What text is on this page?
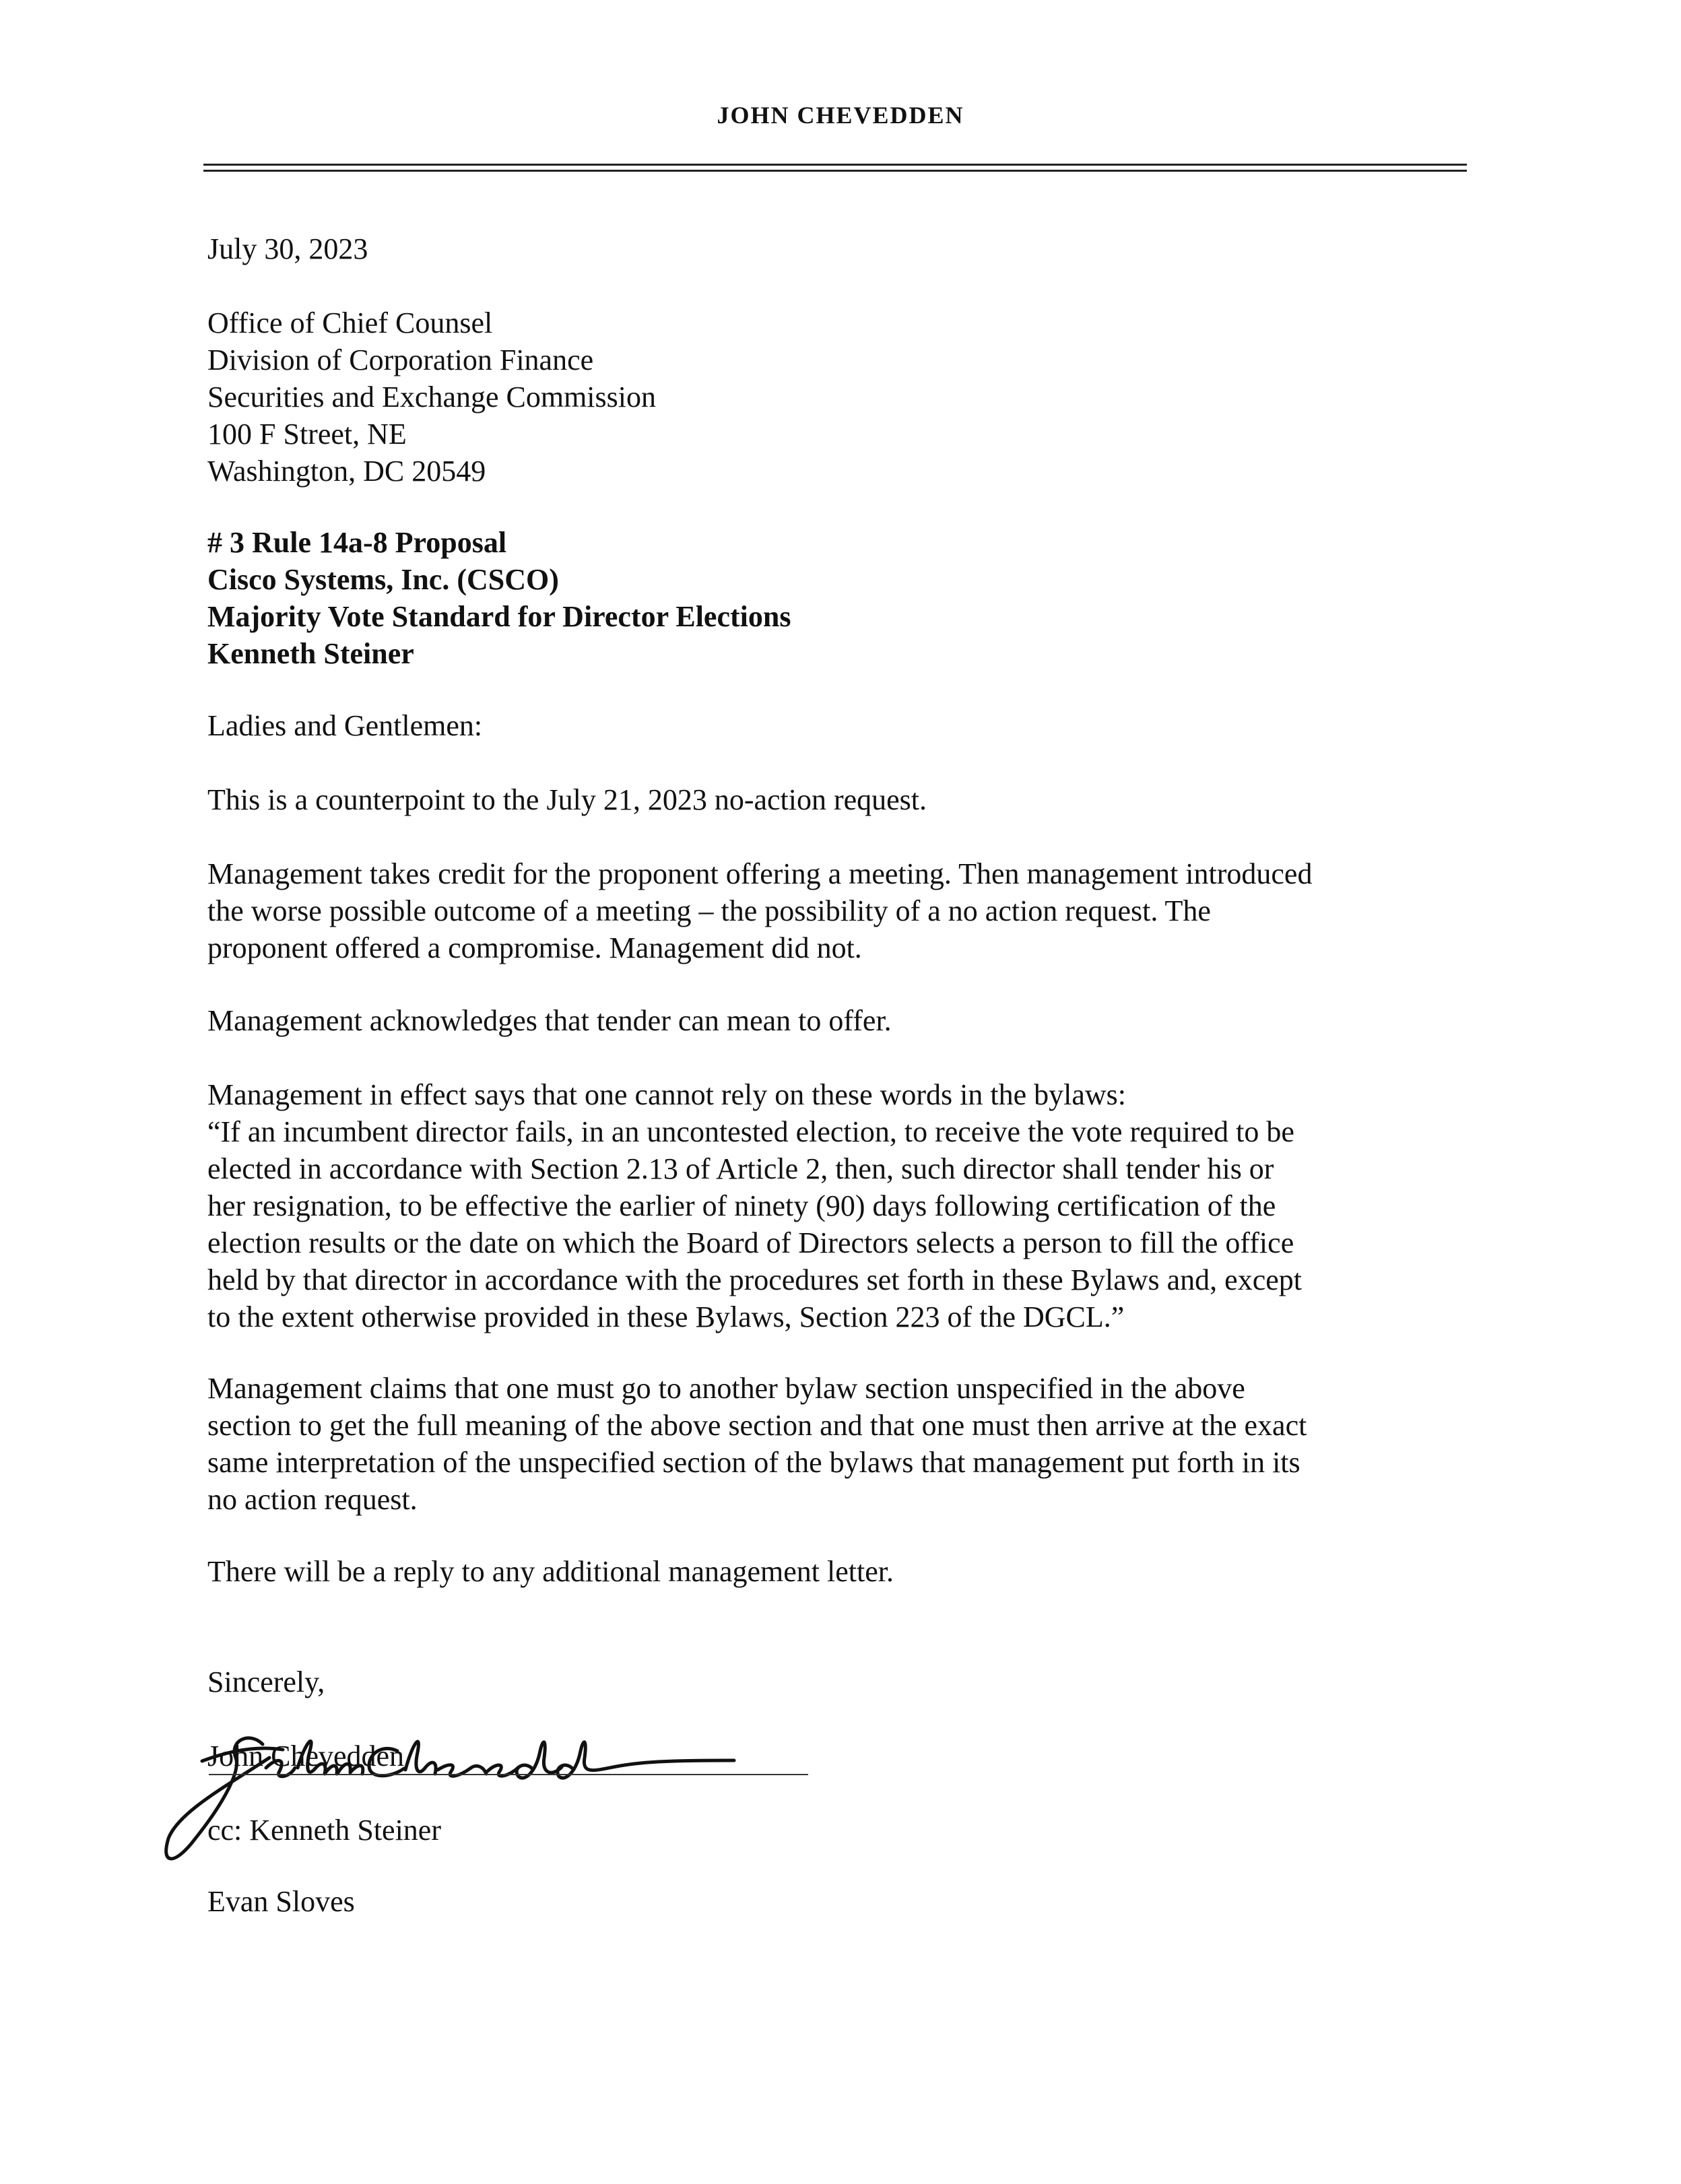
JOHN CHEVEDDEN
July 30, 2023
Office of Chief Counsel
Division of Corporation Finance
Securities and Exchange Commission
100 F Street, NE
Washington, DC 20549
# 3 Rule 14a-8 Proposal
Cisco Systems, Inc. (CSCO)
Majority Vote Standard for Director Elections
Kenneth Steiner
Ladies and Gentlemen:
This is a counterpoint to the July 21, 2023 no-action request.
Management takes credit for the proponent offering a meeting. Then management introduced
the worse possible outcome of a meeting – the possibility of a no action request. The
proponent offered a compromise. Management did not.
Management acknowledges that tender can mean to offer.
Management in effect says that one cannot rely on these words in the bylaws:
“If an incumbent director fails, in an uncontested election, to receive the vote required to be
elected in accordance with Section 2.13 of Article 2, then, such director shall tender his or
her resignation, to be effective the earlier of ninety (90) days following certification of the
election results or the date on which the Board of Directors selects a person to fill the office
held by that director in accordance with the procedures set forth in these Bylaws and, except
to the extent otherwise provided in these Bylaws, Section 223 of the DGCL.”
Management claims that one must go to another bylaw section unspecified in the above
section to get the full meaning of the above section and that one must then arrive at the exact
same interpretation of the unspecified section of the bylaws that management put forth in its
no action request.
There will be a reply to any additional management letter.
Sincerely,
John Chevedden
cc: Kenneth Steiner
Evan Sloves
